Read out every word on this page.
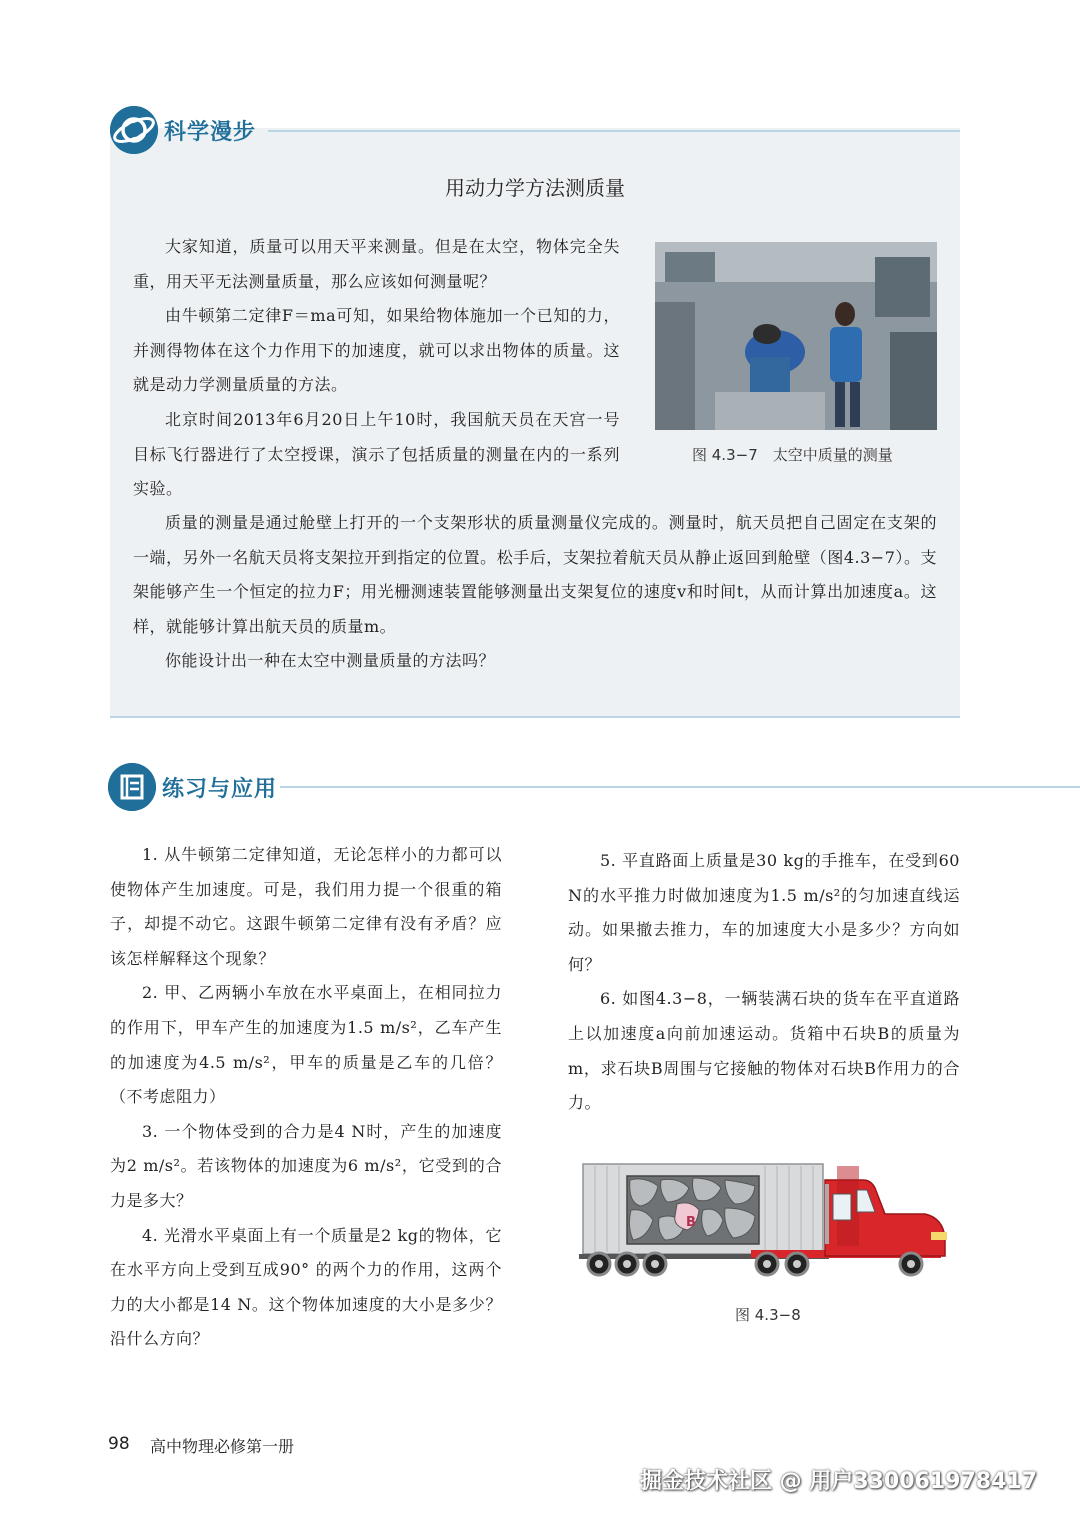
科学漫步
用动力学方法测质量

大家知道，质量可以用天平来测量。但是在太空，物体完全失重，用天平无法测量质量，那么应该如何测量呢？

由牛顿第二定律F＝ma可知，如果给物体施加一个已知的力，并测得物体在这个力作用下的加速度，就可以求出物体的质量。这就是动力学测量质量的方法。

北京时间2013年6月20日上午10时，我国航天员在天宫一号目标飞行器进行了太空授课，演示了包括质量的测量在内的一系列实验。

图 4.3−7　太空中质量的测量

质量的测量是通过舱壁上打开的一个支架形状的质量测量仪完成的。测量时，航天员把自己固定在支架的一端，另外一名航天员将支架拉开到指定的位置。松手后，支架拉着航天员从静止返回到舱壁（图4.3−7）。支架能够产生一个恒定的拉力F；用光栅测速装置能够测量出支架复位的速度v和时间t，从而计算出加速度a。这样，就能够计算出航天员的质量m。

你能设计出一种在太空中测量质量的方法吗？

练习与应用

1. 从牛顿第二定律知道，无论怎样小的力都可以使物体产生加速度。可是，我们用力提一个很重的箱子，却提不动它。这跟牛顿第二定律有没有矛盾？应该怎样解释这个现象？

2. 甲、乙两辆小车放在水平桌面上，在相同拉力的作用下，甲车产生的加速度为1.5 m/s²，乙车产生的加速度为4.5 m/s²，甲车的质量是乙车的几倍？（不考虑阻力）

3. 一个物体受到的合力是4 N时，产生的加速度为2 m/s²。若该物体的加速度为6 m/s²，它受到的合力是多大？

4. 光滑水平桌面上有一个质量是2 kg的物体，它在水平方向上受到互成90° 的两个力的作用，这两个力的大小都是14 N。这个物体加速度的大小是多少？沿什么方向？

5. 平直路面上质量是30 kg的手推车，在受到60 N的水平推力时做加速度为1.5 m/s²的匀加速直线运动。如果撤去推力，车的加速度大小是多少？方向如何？

6. 如图4.3−8，一辆装满石块的货车在平直道路上以加速度a向前加速运动。货箱中石块B的质量为m，求石块B周围与它接触的物体对石块B作用力的合力。

B
图 4.3−8
98 高中物理必修第一册
掘金技术社区 @ 用户3300619784​17
